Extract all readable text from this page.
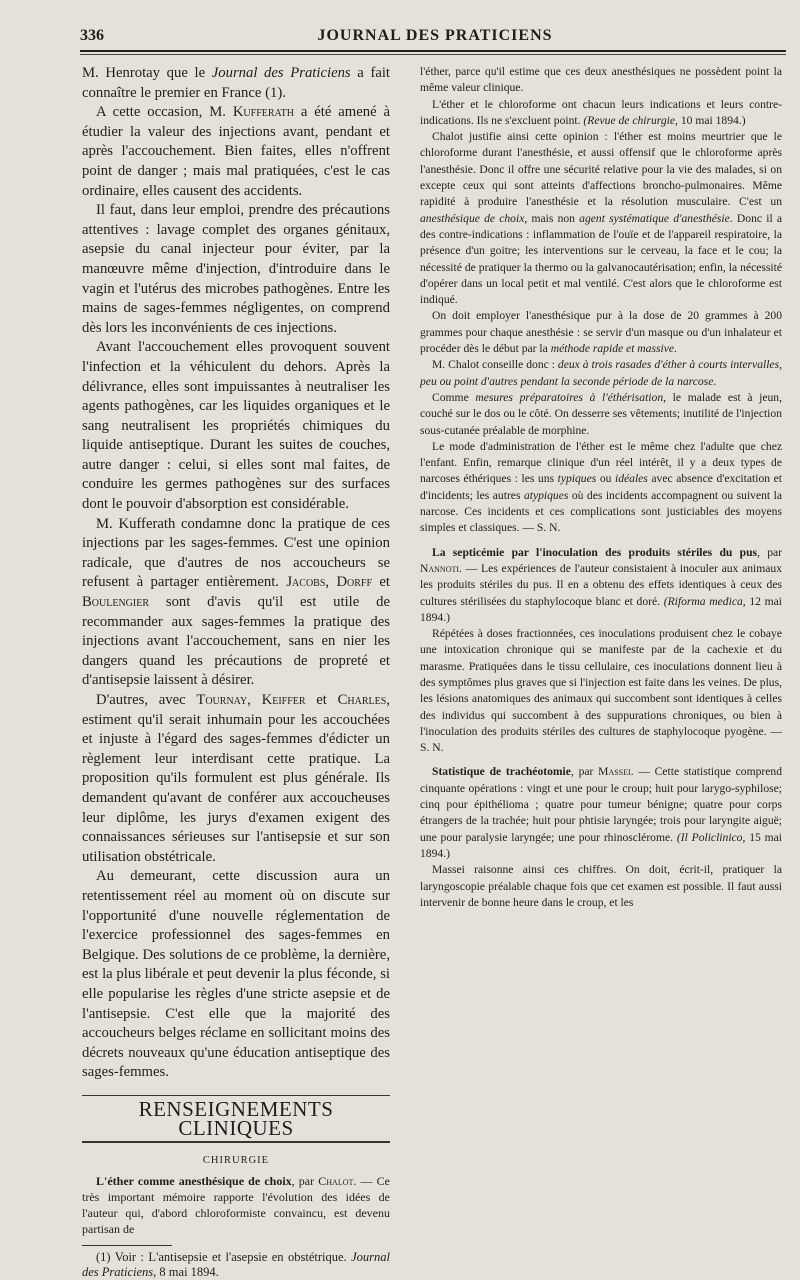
336	JOURNAL DES PRATICIENS

M. Henrotay que le Journal des Praticiens a fait connaître le premier en France (1).

A cette occasion, M. Kufferath a été amené à étudier la valeur des injections avant, pendant et après l'accouchement. Bien faites, elles n'offrent point de danger ; mais mal pratiquées, c'est le cas ordinaire, elles causent des accidents.

Il faut, dans leur emploi, prendre des précautions attentives : lavage complet des organes génitaux, asepsie du canal injecteur pour éviter, par la manœuvre même d'injection, d'introduire dans le vagin et l'utérus des microbes pathogènes. Entre les mains de sages-femmes négligentes, on comprend dès lors les inconvénients de ces injections.

Avant l'accouchement elles provoquent souvent l'infection et la véhiculent du dehors. Après la délivrance, elles sont impuissantes à neutraliser les agents pathogènes, car les liquides organiques et le sang neutralisent les propriétés chimiques du liquide antiseptique. Durant les suites de couches, autre danger : celui, si elles sont mal faites, de conduire les germes pathogènes sur des surfaces dont le pouvoir d'absorption est considérable.

M. Kufferath condamne donc la pratique de ces injections par les sages-femmes. C'est une opinion radicale, que d'autres de nos accoucheurs se refusent à partager entièrement. Jacobs, Dorff et Boulengier sont d'avis qu'il est utile de recommander aux sages-femmes la pratique des injections avant l'accouchement, sans en nier les dangers quand les précautions de propreté et d'antisepsie laissent à désirer.

D'autres, avec Tournay, Keiffer et Charles, estiment qu'il serait inhumain pour les accouchées et injuste à l'égard des sages-femmes d'édicter un règlement leur interdisant cette pratique. La proposition qu'ils formulent est plus générale. Ils demandent qu'avant de conférer aux accoucheuses leur diplôme, les jurys d'examen exigent des connaissances sérieuses sur l'antisepsie et sur son utilisation obstétricale.

Au demeurant, cette discussion aura un retentissement réel au moment où on discute sur l'opportunité d'une nouvelle réglementation de l'exercice professionnel des sages-femmes en Belgique. Des solutions de ce problème, la dernière, est la plus libérale et peut devenir la plus féconde, si elle popularise les règles d'une stricte asepsie et de l'antisepsie. C'est elle que la majorité des accoucheurs belges réclame en sollicitant moins des décrets nouveaux qu'une éducation antiseptique des sages-femmes.

RENSEIGNEMENTS CLINIQUES
CHIRURGIE

L'éther comme anesthésique de choix, par Chalot. — Ce très important mémoire rapporte l'évolution des idées de l'auteur qui, d'abord chloroformiste convaincu, est devenu partisan de

(1) Voir : L'antisepsie et l'asepsie en obstétrique. Journal des Praticiens, 8 mai 1894.

l'éther, parce qu'il estime que ces deux anesthésiques ne possèdent point la même valeur clinique.

L'éther et le chloroforme ont chacun leurs indications et leurs contre-indications. Ils ne s'excluent point. (Revue de chirurgie, 10 mai 1894.)

Chalot justifie ainsi cette opinion : l'éther est moins meurtrier que le chloroforme durant l'anesthésie, et aussi offensif que le chloroforme après l'anesthésie. Donc il offre une sécurité relative pour la vie des malades, si on excepte ceux qui sont atteints d'affections broncho-pulmonaires. Même rapidité à produire l'anesthésie et la résolution musculaire. C'est un anesthésique de choix, mais non agent systématique d'anesthésie. Donc il a des contre-indications : inflammation de l'ouïe et de l'appareil respiratoire, la présence d'un goitre; les interventions sur le cerveau, la face et le cou; la nécessité de pratiquer la thermo ou la galvanocautérisation; enfin, la nécessité d'opérer dans un local petit et mal ventilé. C'est alors que le chloroforme est indiqué.

On doit employer l'anesthésique pur à la dose de 20 grammes à 200 grammes pour chaque anesthésie : se servir d'un masque ou d'un inhalateur et procéder dès le début par la méthode rapide et massive.

M. Chalot conseille donc : deux à trois rasades d'éther à courts intervalles, peu ou point d'autres pendant la seconde période de la narcose.

Comme mesures préparatoires à l'éthérisation, le malade est à jeun, couché sur le dos ou le côté. On desserre ses vêtements; inutilité de l'injection sous-cutanée préalable de morphine.

Le mode d'administration de l'éther est le même chez l'adulte que chez l'enfant. Enfin, remarque clinique d'un réel intérêt, il y a deux types de narcoses éthériques : les uns typiques ou idéales avec absence d'excitation et d'incidents; les autres atypiques où des incidents accompagnent ou suivent la narcose. Ces incidents et ces complications sont justiciables des moyens simples et classiques. — S. N.

La septicémie par l'inoculation des produits stériles du pus, par Nannoti. — Les expériences de l'auteur consistaient à inoculer aux animaux les produits stériles du pus. Il en a obtenu des effets identiques à ceux des cultures stérilisées du staphylocoque blanc et doré. (Riforma medica, 12 mai 1894.)

Répétées à doses fractionnées, ces inoculations produisent chez le cobaye une intoxication chronique qui se manifeste par de la cachexie et du marasme. Pratiquées dans le tissu cellulaire, ces inoculations donnent lieu à des symptômes plus graves que si l'injection est faite dans les veines. De plus, les lésions anatomiques des animaux qui succombent sont identiques à celles des individus qui succombent à des suppurations chroniques, ou bien à l'inoculation des produits stériles des cultures de staphylocoque pyogène. — S. N.

Statistique de trachéotomie, par Massei. — Cette statistique comprend cinquante opérations : vingt et une pour le croup; huit pour larygo-syphilose; cinq pour épithélioma ; quatre pour tumeur bénigne; quatre pour corps étrangers de la trachée; huit pour phtisie laryngée; trois pour laryngite aiguë; une pour paralysie laryngée; une pour rhinosclérome. (Il Policlinico, 15 mai 1894.)

Massei raisonne ainsi ces chiffres. On doit, écrit-il, pratiquer la laryngoscopie préalable chaque fois que cet examen est possible. Il faut aussi intervenir de bonne heure dans le croup, et les
